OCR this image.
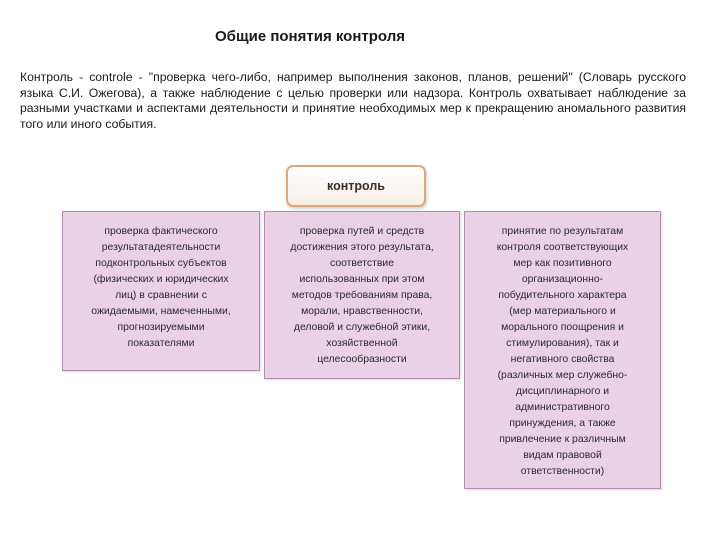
Общие понятия контроля

Контроль - controle - "проверка чего-либо, например выполнения законов, планов, решений" (Словарь русского языка С.И. Ожегова), а также наблюдение с целью проверки или надзора. Контроль охватывает наблюдение за разными участками и аспектами деятельности и принятие необходимых мер к прекращению аномального развития того или иного события.

контроль
проверка фактического
результатадеятельности
подконтрольных субъектов
(физических и юридических
лиц) в сравнении с
ожидаемыми, намеченными,
прогнозируемыми
показателями
проверка путей и средств
достижения этого результата,
соответствие
использованных при этом
методов требованиям права,
морали, нравственности,
деловой и служебной этики,
хозяйственной
целесообразности
принятие по результатам
контроля соответствующих
мер как позитивного
организационно-
побудительного характера
(мер материального и
морального поощрения и
стимулирования), так и
негативного свойства
(различных мер служебно-
дисциплинарного и
административного
принуждения, а также
привлечение к различным
видам правовой
ответственности)
